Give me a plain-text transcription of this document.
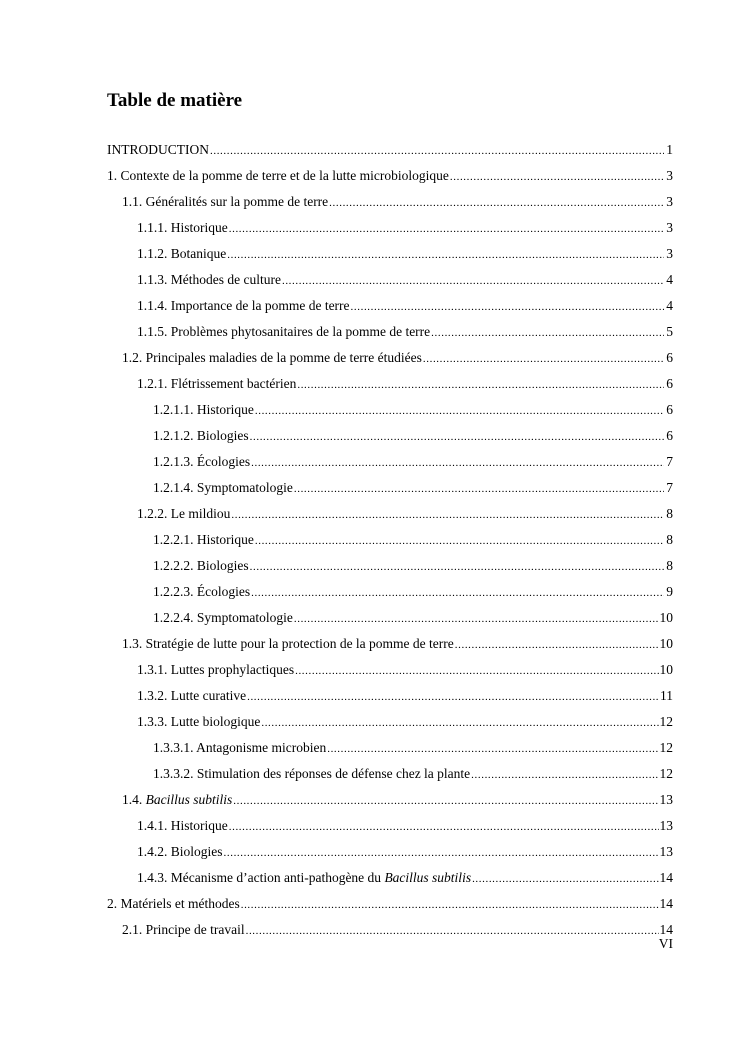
Table de matière
INTRODUCTION .....	1
1. Contexte de la pomme de terre et de la lutte microbiologique .....	3
1.1. Généralités sur la pomme de terre .....	3
1.1.1. Historique .....	3
1.1.2. Botanique .....	3
1.1.3. Méthodes de culture .....	4
1.1.4. Importance de la pomme de terre .....	4
1.1.5. Problèmes phytosanitaires de la pomme de terre .....	5
1.2. Principales maladies de la pomme de terre étudiées .....	6
1.2.1. Flétrissement bactérien .....	6
1.2.1.1. Historique .....	6
1.2.1.2. Biologies .....	6
1.2.1.3. Écologies .....	7
1.2.1.4. Symptomatologie .....	7
1.2.2. Le mildiou .....	8
1.2.2.1. Historique .....	8
1.2.2.2. Biologies .....	8
1.2.2.3. Écologies .....	9
1.2.2.4. Symptomatologie .....	10
1.3. Stratégie de lutte pour la protection de la pomme de terre .....	10
1.3.1. Luttes prophylactiques .....	10
1.3.2. Lutte curative .....	11
1.3.3. Lutte biologique .....	12
1.3.3.1. Antagonisme microbien .....	12
1.3.3.2. Stimulation des réponses de défense chez la plante .....	12
1.4. Bacillus subtilis .....	13
1.4.1. Historique .....	13
1.4.2. Biologies .....	13
1.4.3. Mécanisme d’action anti-pathogène du Bacillus subtilis .....	14
2. Matériels et méthodes .....	14
2.1. Principe de travail .....	14

VI
